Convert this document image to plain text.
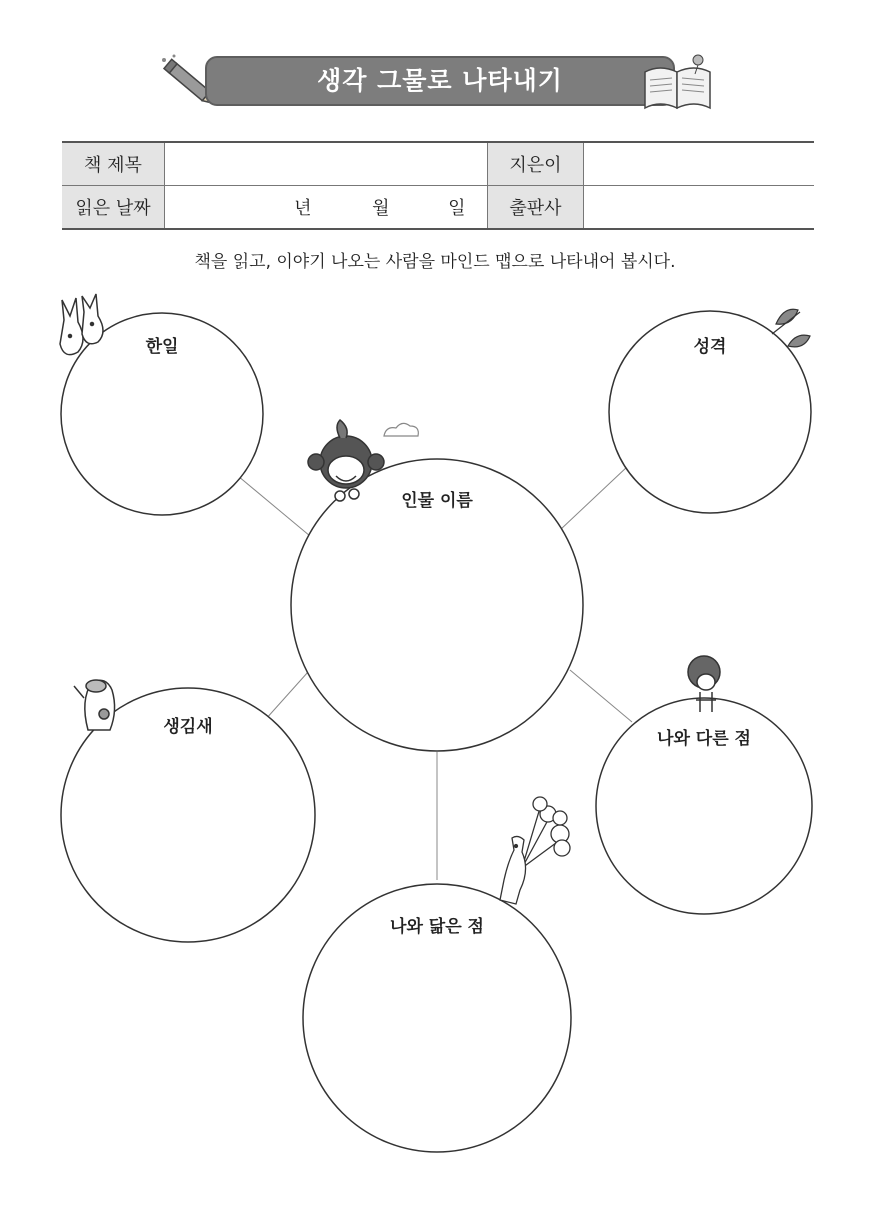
생각 그물로 나타내기
책 제목		지은이	
읽은 날짜	년 월 일	출판사	
책을 읽고, 이야기 나오는 사람을 마인드 맵으로 나타내어 봅시다.
한일	성격
인물 이름
생김새
나와 다른 점
나와 닮은 점
